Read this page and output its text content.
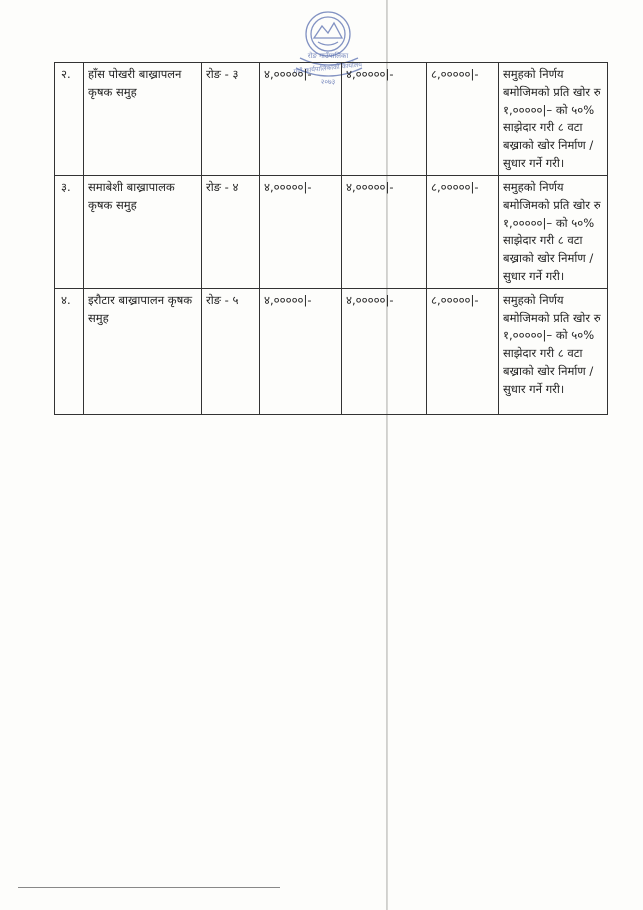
रोङ गाउँपालिका
गाउँ कार्यपालिकाको कार्यालय
२०७३
२.	हाँस पोखरी बाख्रापलन कृषक समुह	रोङ - ३	४,०००००|-	४,०००००|-	८,०००००|-	समुहको निर्णय बमोजिमको प्रति खोर रु १,०००००|– को ५०% साझेदार गरी ८ वटा बख्राको खोर निर्माण / सुधार गर्ने गरी।
३.	समाबेशी बाख्रापालक कृषक समुह	रोङ - ४	४,०००००|-	४,०००००|-	८,०००००|-	समुहको निर्णय बमोजिमको प्रति खोर रु १,०००००|– को ५०% साझेदार गरी ८ वटा बख्राको खोर निर्माण / सुधार गर्ने गरी।
४.	इरौटार बाख्रापालन कृषक समुह	रोङ - ५	४,०००००|-	४,०००००|-	८,०००००|-	समुहको निर्णय बमोजिमको प्रति खोर रु १,०००००|– को ५०% साझेदार गरी ८ वटा बख्राको खोर निर्माण / सुधार गर्ने गरी।
